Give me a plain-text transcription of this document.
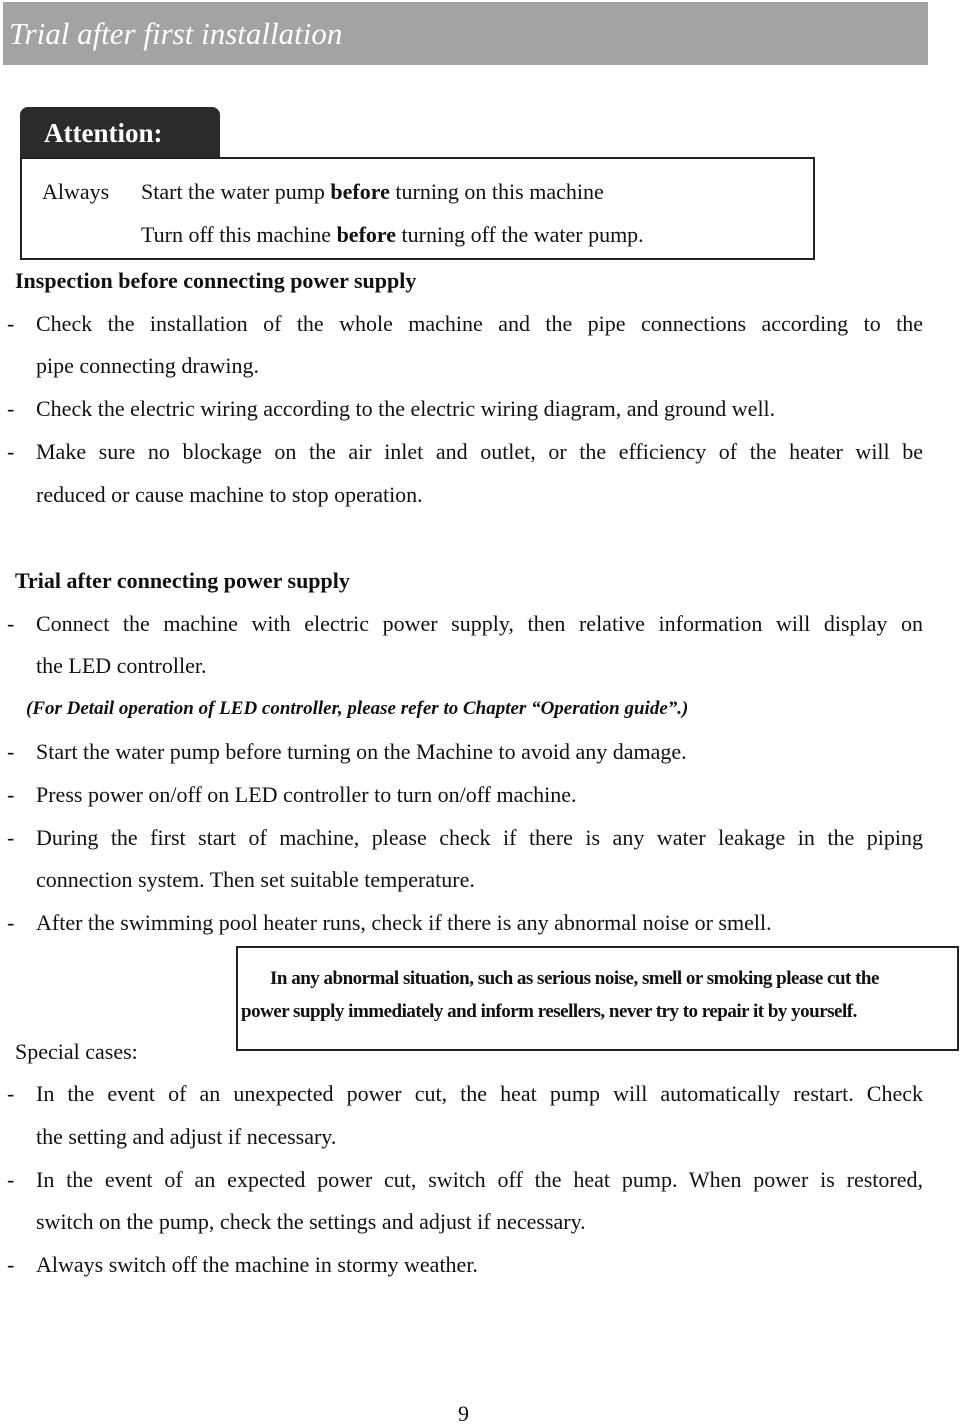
Trial after first installation
Attention:
Always Start the water pump before turning on this machine
Turn off this machine before turning off the water pump.
Inspection before connecting power supply
- Check the installation of the whole machine and the pipe connections according to the
pipe connecting drawing.
- Check the electric wiring according to the electric wiring diagram, and ground well.
- Make sure no blockage on the air inlet and outlet, or the efficiency of the heater will be
reduced or cause machine to stop operation.
Trial after connecting power supply
- Connect the machine with electric power supply, then relative information will display on
the LED controller.
(For Detail operation of LED controller, please refer to Chapter “Operation guide”.)
- Start the water pump before turning on the Machine to avoid any damage.
- Press power on/off on LED controller to turn on/off machine.
- During the first start of machine, please check if there is any water leakage in the piping
connection system. Then set suitable temperature.
- After the swimming pool heater runs, check if there is any abnormal noise or smell.
In any abnormal situation, such as serious noise, smell or smoking please cut the
power supply immediately and inform resellers, never try to repair it by yourself.
Special cases:
- In the event of an unexpected power cut, the heat pump will automatically restart. Check
the setting and adjust if necessary.
- In the event of an expected power cut, switch off the heat pump. When power is restored,
switch on the pump, check the settings and adjust if necessary.
- Always switch off the machine in stormy weather.
9
